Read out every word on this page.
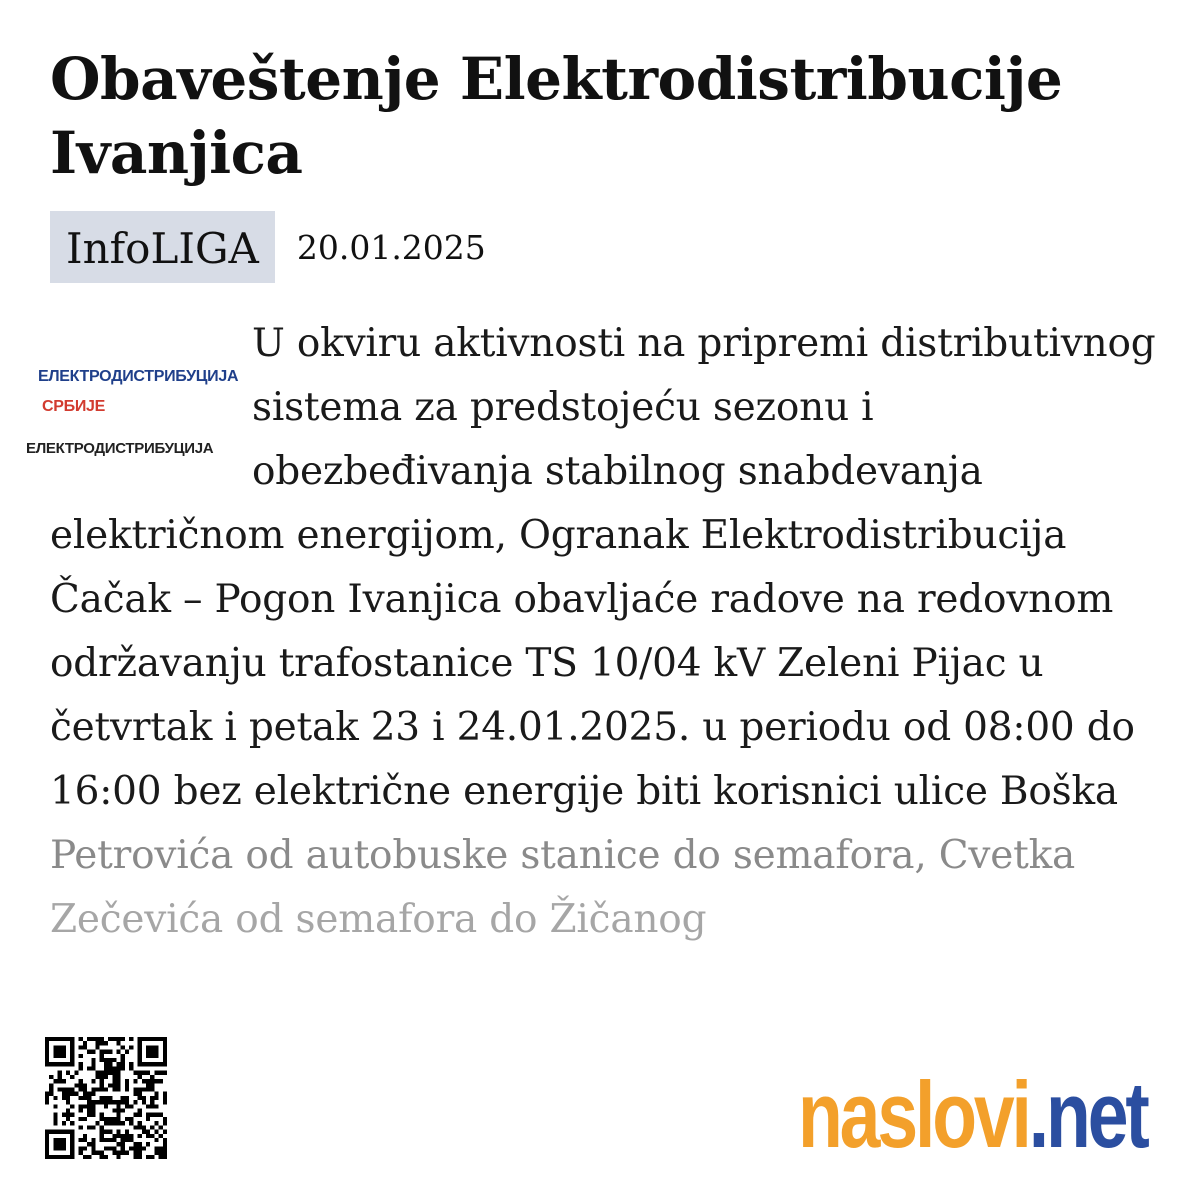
Obaveštenje Elektrodistribucije Ivanjica
InfoLIGA	20.01.2025
ЕЛЕКТРОДИСТРИБУЦИЈА
СРБИЈЕ
ЕЛЕКТРОДИСТРИБУЦИЈА

U okviru aktivnosti na pripremi distributivnog sistema za predstojeću sezonu i obezbeđivanja stabilnog snabdevanja električnom energijom, Ogranak Elektrodistribucija Čačak – Pogon Ivanjica obavljaće radove na redovnom održavanju trafostanice TS 10/04 kV Zeleni Pijac u četvrtak i petak 23 i 24.01.2025. u periodu od 08:00 do 16:00 bez električne energije biti korisnici ulice Boška

Petrovića od autobuske stanice do semafora, Cvetka
Zečevića od semafora do Žičanog

naslovi.net
